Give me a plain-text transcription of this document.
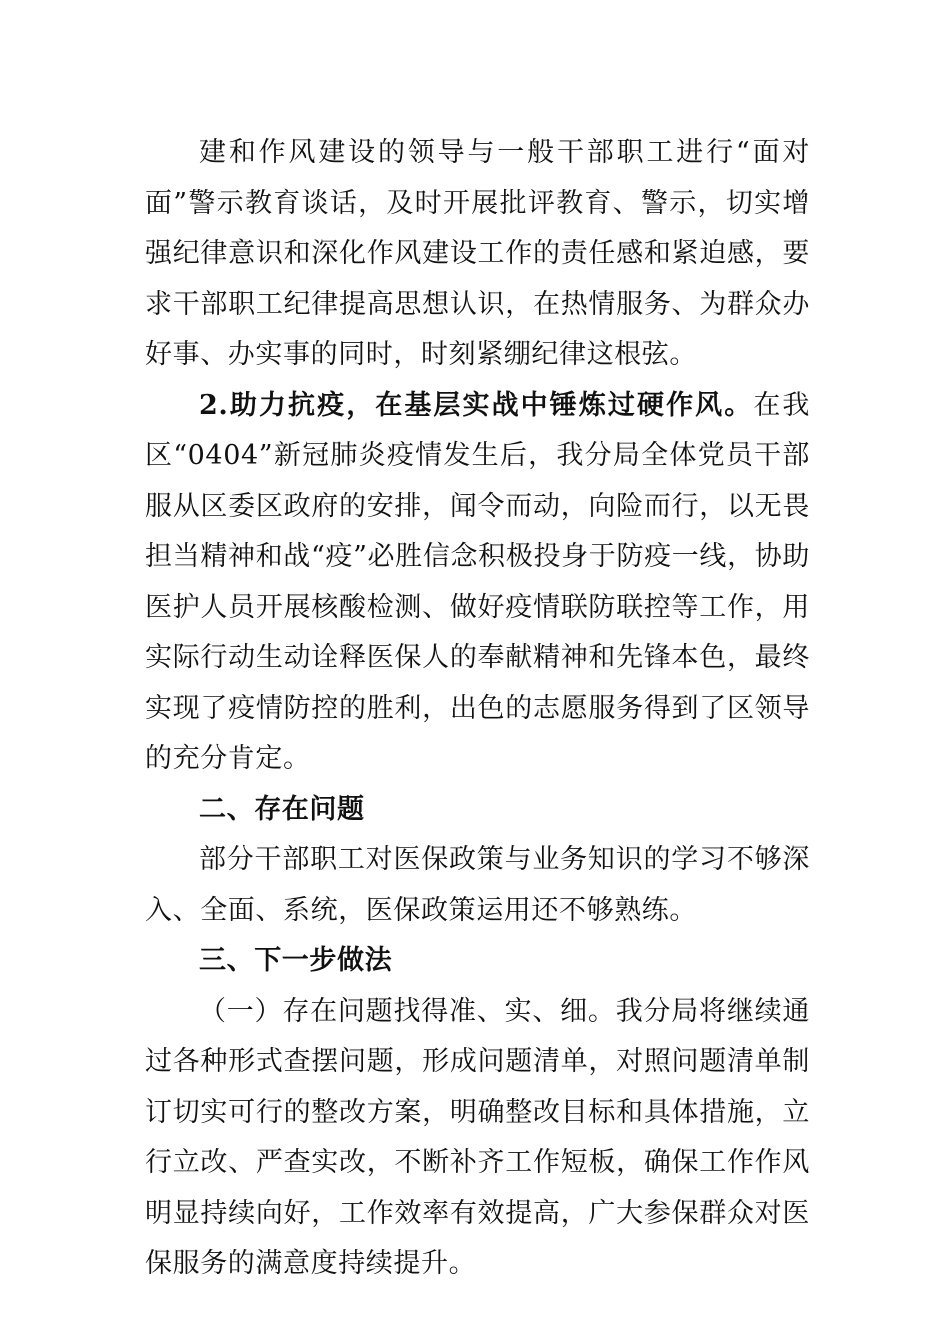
建和作风建设的领导与一般干部职工进行“面对面”警示教育谈话，及时开展批评教育、警示，切实增强纪律意识和深化作风建设工作的责任感和紧迫感，要求干部职工纪律提高思想认识，在热情服务、为群众办好事、办实事的同时，时刻紧绷纪律这根弦。

2.助力抗疫，在基层实战中锤炼过硬作风。在我区“0404”新冠肺炎疫情发生后，我分局全体党员干部服从区委区政府的安排，闻令而动，向险而行，以无畏担当精神和战“疫”必胜信念积极投身于防疫一线，协助医护人员开展核酸检测、做好疫情联防联控等工作，用实际行动生动诠释医保人的奉献精神和先锋本色，最终实现了疫情防控的胜利，出色的志愿服务得到了区领导的充分肯定。

二、存在问题

部分干部职工对医保政策与业务知识的学习不够深入、全面、系统，医保政策运用还不够熟练。

三、下一步做法

（一）存在问题找得准、实、细。我分局将继续通过各种形式查摆问题，形成问题清单，对照问题清单制订切实可行的整改方案，明确整改目标和具体措施，立行立改、严查实改，不断补齐工作短板，确保工作作风明显持续向好，工作效率有效提高，广大参保群众对医保服务的满意度持续提升。
